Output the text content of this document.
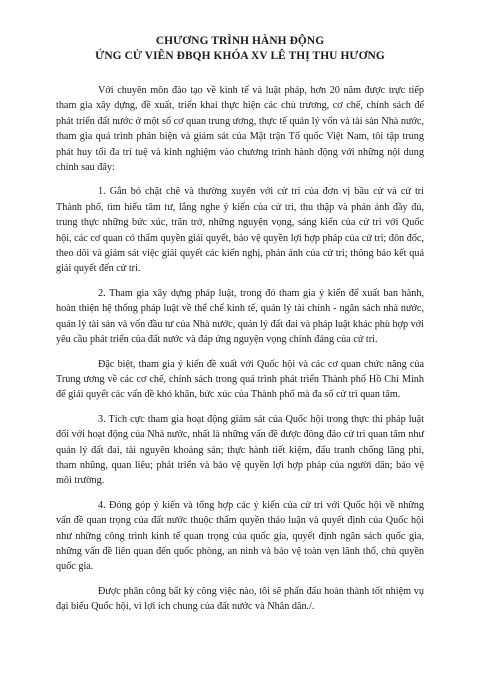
CHƯƠNG TRÌNH HÀNH ĐỘNG
ỨNG CỬ VIÊN ĐBQH KHÓA XV LÊ THỊ THU HƯƠNG

Với chuyên môn đào tạo về kinh tế và luật pháp, hơn 20 năm được trực tiếp tham gia xây dựng, đề xuất, triển khai thực hiện các chủ trương, cơ chế, chính sách để phát triển đất nước ở một số cơ quan trung ương, thực tế quản lý vốn và tài sản Nhà nước, tham gia quá trình phản biện và giám sát của Mặt trận Tổ quốc Việt Nam, tôi tập trung phát huy tối đa trí tuệ và kinh nghiệm vào chương trình hành động với những nội dung chính sau đây:

1. Gắn bó chặt chẽ và thường xuyên với cử tri của đơn vị bầu cử và cử tri Thành phố, tìm hiểu tâm tư, lắng nghe ý kiến của cử tri, thu thập và phản ánh đầy đủ, trung thực những bức xúc, trăn trở, những nguyện vọng, sáng kiến của cử tri với Quốc hội, các cơ quan có thẩm quyền giải quyết, bảo vệ quyền lợi hợp pháp của cử tri; đôn đốc, theo dõi và giám sát việc giải quyết các kiến nghị, phản ánh của cử tri; thông báo kết quả giải quyết đến cử tri.

2. Tham gia xây dựng pháp luật, trong đó tham gia ý kiến để xuất ban hành, hoàn thiện hệ thống pháp luật về thể chế kinh tế, quản lý tài chính - ngân sách nhà nước, quản lý tài sản và vốn đầu tư của Nhà nước, quản lý đất đai và pháp luật khác phù hợp với yêu cầu phát triển của đất nước và đáp ứng nguyện vọng chính đáng của cử tri.

Đặc biệt, tham gia ý kiến đề xuất với Quốc hội và các cơ quan chức năng của Trung ương về các cơ chế, chính sách trong quá trình phát triển Thành phố Hồ Chí Minh để giải quyết các vấn đề khó khăn, bức xúc của Thành phố mà đa số cử tri quan tâm.

3. Tích cực tham gia hoạt động giám sát của Quốc hội trong thực thi pháp luật đối với hoạt động của Nhà nước, nhất là những vấn đề được đông đảo cử tri quan tâm như quản lý đất đai, tài nguyên khoáng sản; thực hành tiết kiệm, đấu tranh chống lãng phí, tham nhũng, quan liêu; phát triển và bảo vệ quyền lợi hợp pháp của người dân; bảo vệ môi trường.

4. Đóng góp ý kiến và tổng hợp các ý kiến của cử tri với Quốc hội về những vấn đề quan trọng của đất nước thuộc thẩm quyền thảo luận và quyết định của Quốc hội như những công trình kinh tế quan trọng của quốc gia, quyết định ngân sách quốc gia, những vấn đề liên quan đến quốc phòng, an ninh và bảo vệ toàn vẹn lãnh thổ, chủ quyền quốc gia.

Được phân công bất kỳ công việc nào, tôi sẽ phấn đấu hoàn thành tốt nhiệm vụ đại biểu Quốc hội, vì lợi ích chung của đất nước và Nhân dân./.
